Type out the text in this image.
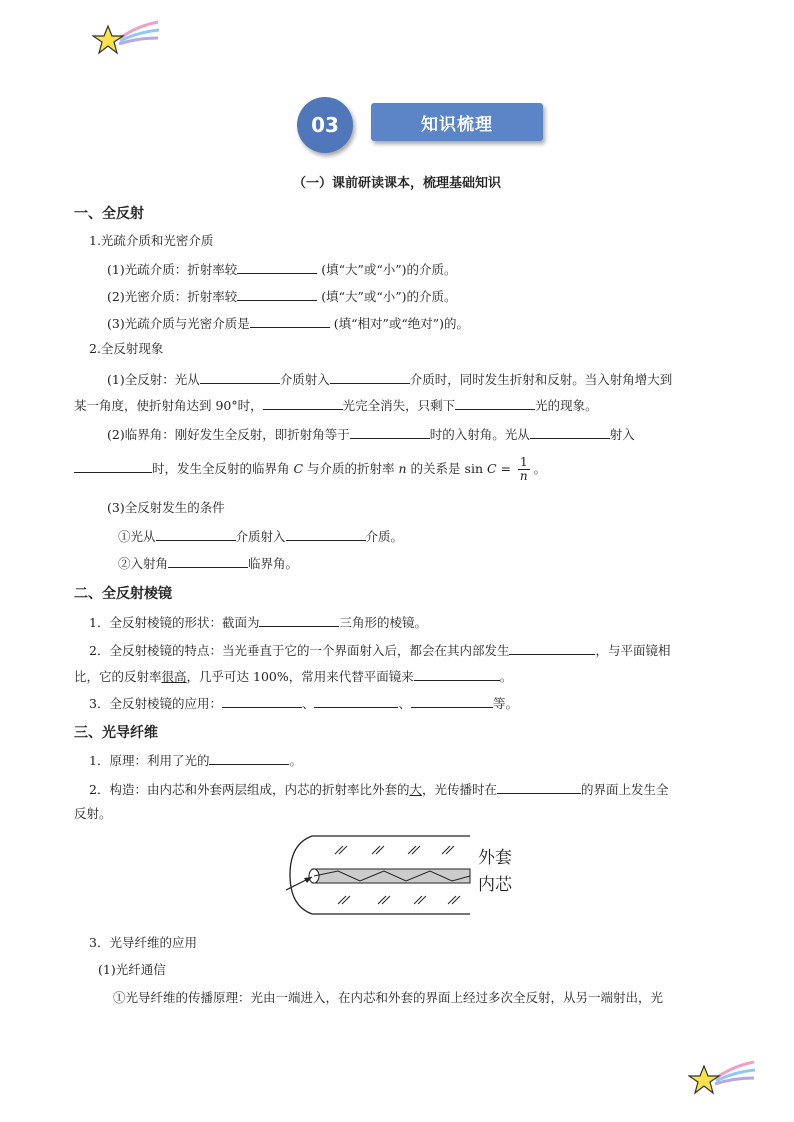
03	知识梳理
（一）课前研读课本，梳理基础知识
一、全反射
1.光疏介质和光密介质
(1)光疏介质：折射率较	(填“大”或“小”)的介质。
(2)光密介质：折射率较	(填“大”或“小”)的介质。
(3)光疏介质与光密介质是	(填“相对”或“绝对”)的。
2.全反射现象
(1)全反射：光从	介质射入	介质时，同时发生折射和反射。当入射角增大到
某一角度，使折射角达到 90°时，	光完全消失，只剩下	光的现象。
(2)临界角：刚好发生全反射，即折射角等于	时的入射角。光从	射入
时，发生全反射的临界角 C 与介质的折射率 n 的关系是 $\sin C = \frac{1}{n}$ 。
(3)全反射发生的条件
①光从	介质射入	介质。
②入射角	临界角。
二、全反射棱镜
1．全反射棱镜的形状：截面为	三角形的棱镜。
2．全反射棱镜的特点：当光垂直于它的一个界面射入后，都会在其内部发生	，与平面镜相
比，它的反射率很高，几乎可达 100%，常用来代替平面镜来	。
3．全反射棱镜的应用：	、	、	等。
三、光导纤维
1．原理：利用了光的	。
2．构造：由内芯和外套两层组成，内芯的折射率比外套的大，光传播时在	的界面上发生全
反射。
外套
内芯
3．光导纤维的应用
(1)光纤通信
①光导纤维的传播原理：光由一端进入，在内芯和外套的界面上经过多次全反射，从另一端射出，光
